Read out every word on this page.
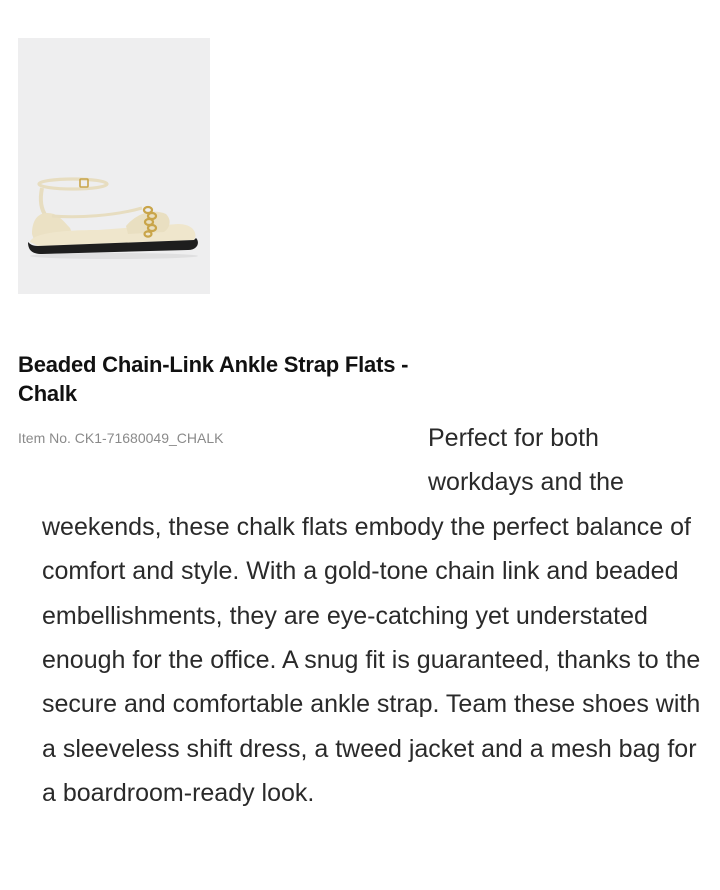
Beaded Chain-Link Ankle Strap Flats - Chalk
Item No. CK1-71680049_CHALK	Perfect for both workdays and the weekends, these chalk flats embody the perfect balance of comfort and style. With a gold-tone chain link and beaded embellishments, they are eye-catching yet understated enough for the office. A snug fit is guaranteed, thanks to the secure and comfortable ankle strap. Team these shoes with a sleeveless shift dress, a tweed jacket and a mesh bag for a boardroom-ready look.
